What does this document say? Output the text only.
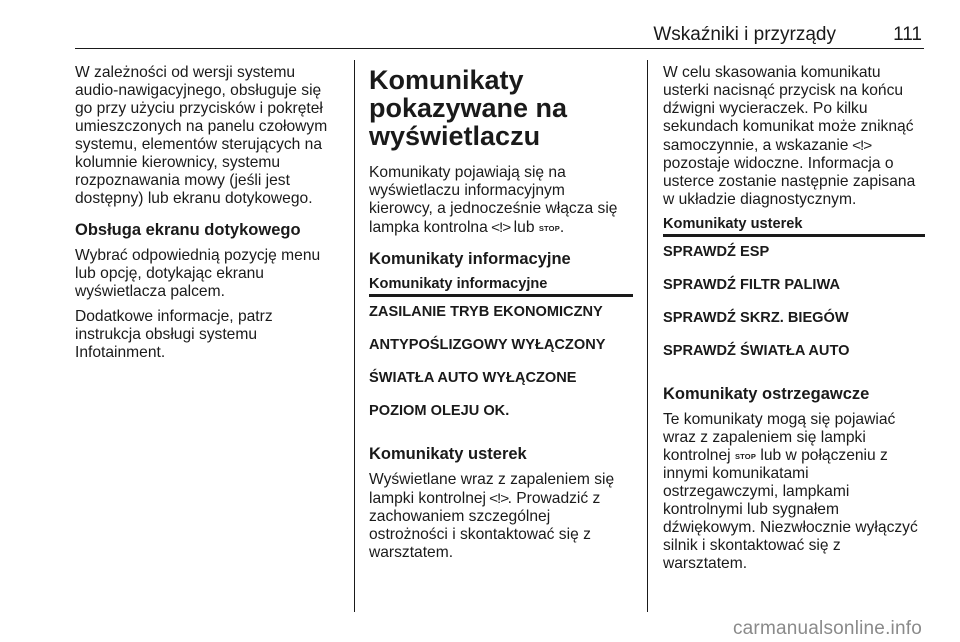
Wskaźniki i przyrządy	111
W zależności od wersji systemu
audio-nawigacyjnego, obsługuje się
go przy użyciu przycisków i pokręteł
umieszczonych na panelu czołowym
systemu, elementów sterujących na
kolumnie kierownicy, systemu
rozpoznawania mowy (jeśli jest
dostępny) lub ekranu dotykowego.
Obsługa ekranu dotykowego
Wybrać odpowiednią pozycję menu
lub opcję, dotykając ekranu
wyświetlacza palcem.
Dodatkowe informacje, patrz
instrukcja obsługi systemu
Infotainment.
Komunikaty
pokazywane na
wyświetlaczu
Komunikaty pojawiają się na
wyświetlaczu informacyjnym
kierowcy, a jednocześnie włącza się
lampka kontrolna <!> lub STOP.
Komunikaty informacyjne
Komunikaty informacyjne
ZASILANIE TRYB EKONOMICZNY
ANTYPOŚLIZGOWY WYŁĄCZONY
ŚWIATŁA AUTO WYŁĄCZONE
POZIOM OLEJU OK.
Komunikaty usterek
Wyświetlane wraz z zapaleniem się
lampki kontrolnej <!>. Prowadzić z
zachowaniem szczególnej
ostrożności i skontaktować się z
warsztatem.
W celu skasowania komunikatu
usterki nacisnąć przycisk na końcu
dźwigni wycieraczek. Po kilku
sekundach komunikat może zniknąć
samoczynnie, a wskazanie <!>
pozostaje widoczne. Informacja o
usterce zostanie następnie zapisana
w układzie diagnostycznym.
Komunikaty usterek
SPRAWDŹ ESP
SPRAWDŹ FILTR PALIWA
SPRAWDŹ SKRZ. BIEGÓW
SPRAWDŹ ŚWIATŁA AUTO
Komunikaty ostrzegawcze
Te komunikaty mogą się pojawiać
wraz z zapaleniem się lampki
kontrolnej STOP lub w połączeniu z
innymi komunikatami
ostrzegawczymi, lampkami
kontrolnymi lub sygnałem
dźwiękowym. Niezwłocznie wyłączyć
silnik i skontaktować się z
warsztatem.
carmanualsonline.info
